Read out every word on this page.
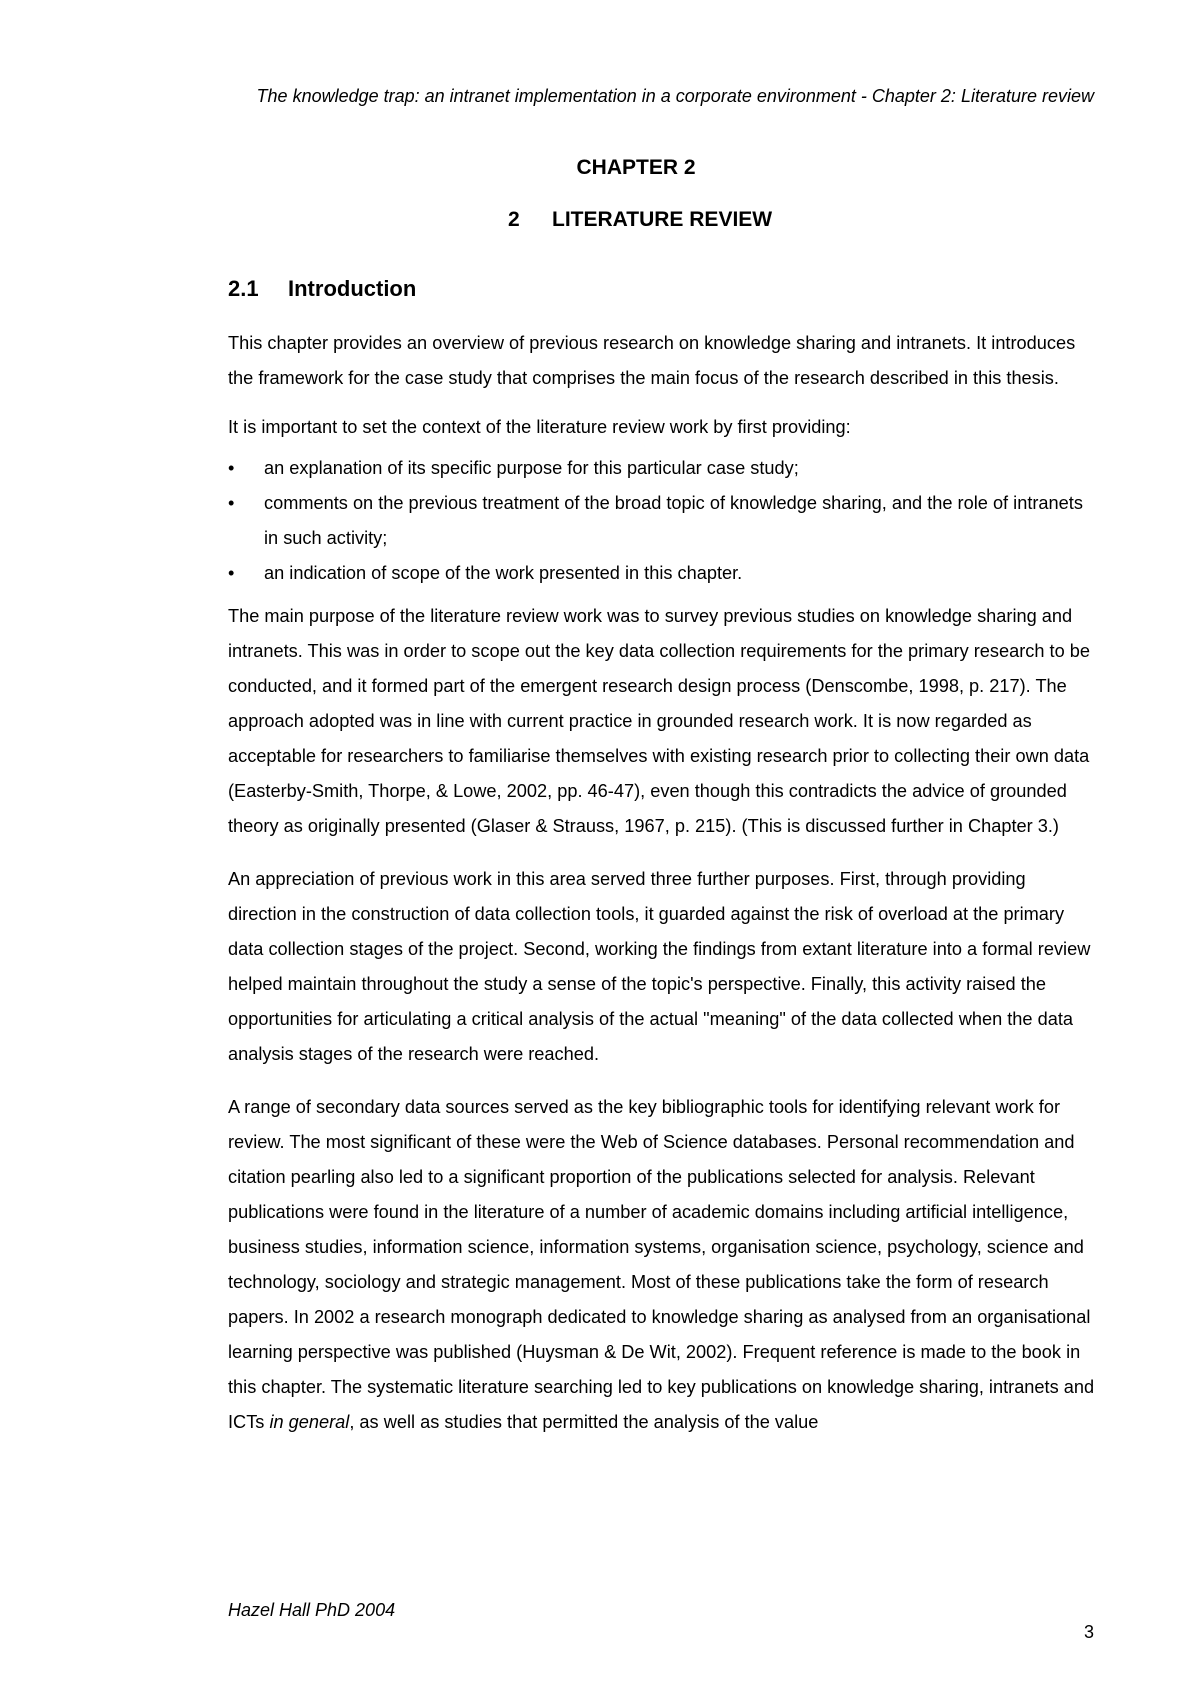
The knowledge trap: an intranet implementation in a corporate environment - Chapter 2: Literature review
CHAPTER 2
2 LITERATURE REVIEW
2.1 Introduction

This chapter provides an overview of previous research on knowledge sharing and intranets. It introduces the framework for the case study that comprises the main focus of the research described in this thesis.

It is important to set the context of the literature review work by first providing:

•	an explanation of its specific purpose for this particular case study;
•	comments on the previous treatment of the broad topic of knowledge sharing, and the role of intranets in such activity;
•	an indication of scope of the work presented in this chapter.

The main purpose of the literature review work was to survey previous studies on knowledge sharing and intranets. This was in order to scope out the key data collection requirements for the primary research to be conducted, and it formed part of the emergent research design process (Denscombe, 1998, p. 217). The approach adopted was in line with current practice in grounded research work. It is now regarded as acceptable for researchers to familiarise themselves with existing research prior to collecting their own data (Easterby-Smith, Thorpe, & Lowe, 2002, pp. 46-47), even though this contradicts the advice of grounded theory as originally presented (Glaser & Strauss, 1967, p. 215). (This is discussed further in Chapter 3.)

An appreciation of previous work in this area served three further purposes. First, through providing direction in the construction of data collection tools, it guarded against the risk of overload at the primary data collection stages of the project. Second, working the findings from extant literature into a formal review helped maintain throughout the study a sense of the topic's perspective. Finally, this activity raised the opportunities for articulating a critical analysis of the actual "meaning" of the data collected when the data analysis stages of the research were reached.

A range of secondary data sources served as the key bibliographic tools for identifying relevant work for review. The most significant of these were the Web of Science databases. Personal recommendation and citation pearling also led to a significant proportion of the publications selected for analysis. Relevant publications were found in the literature of a number of academic domains including artificial intelligence, business studies, information science, information systems, organisation science, psychology, science and technology, sociology and strategic management. Most of these publications take the form of research papers. In 2002 a research monograph dedicated to knowledge sharing as analysed from an organisational learning perspective was published (Huysman & De Wit, 2002). Frequent reference is made to the book in this chapter. The systematic literature searching led to key publications on knowledge sharing, intranets and ICTs in general, as well as studies that permitted the analysis of the value

Hazel Hall PhD 2004
3
